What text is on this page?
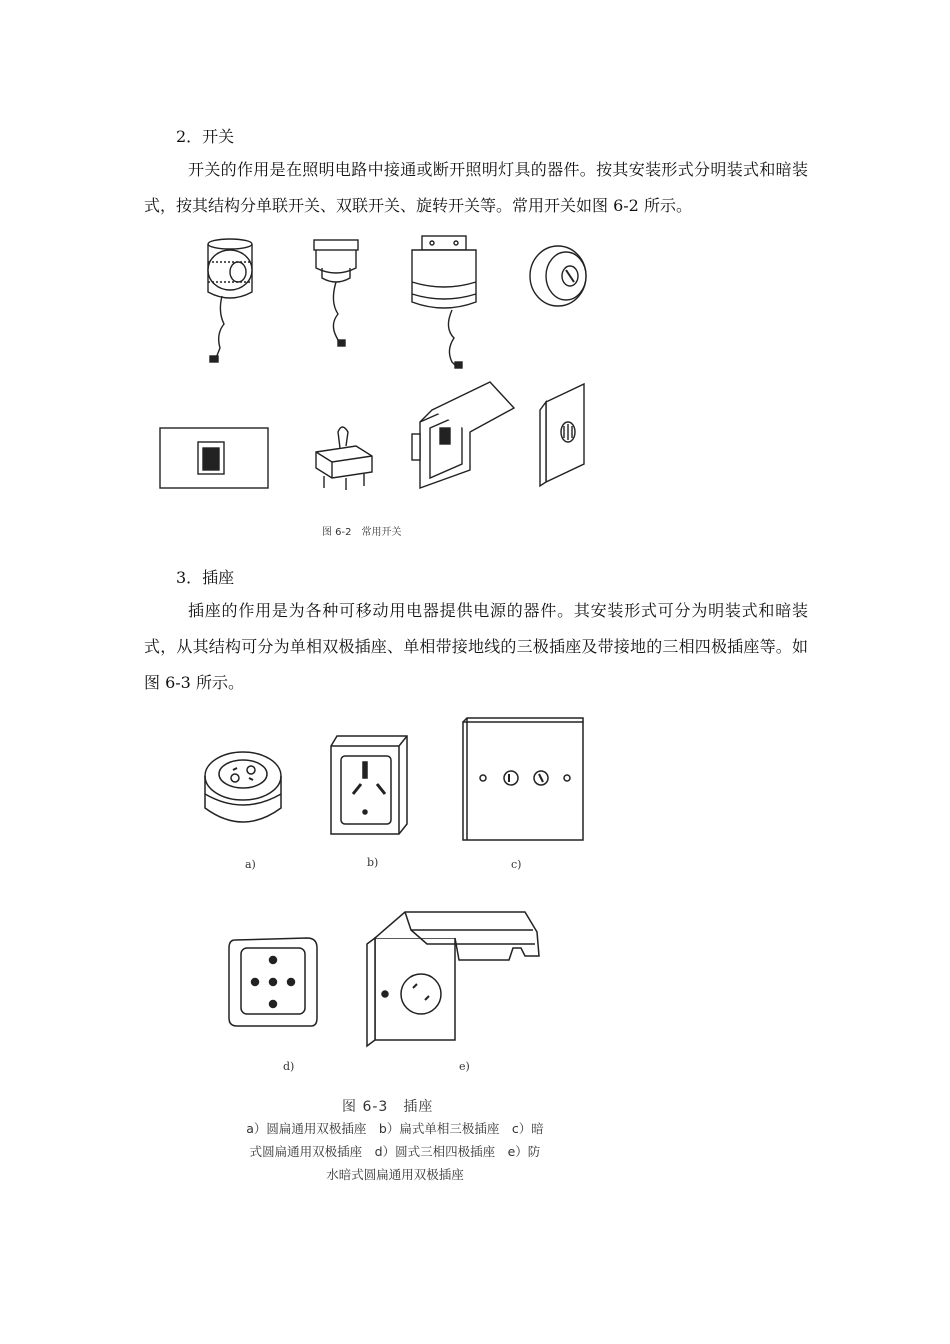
2．开关

开关的作用是在照明电路中接通或断开照明灯具的器件。按其安装形式分明装式和暗装式，按其结构分单联开关、双联开关、旋转开关等。常用开关如图 6-2 所示。

图 6-2　常用开关
3．插座

插座的作用是为各种可移动用电器提供电源的器件。其安装形式可分为明装式和暗装式，从其结构可分为单相双极插座、单相带接地线的三极插座及带接地的三相四极插座等。如图 6-3 所示。

a)	b)	c)
d)	e)
图 6-3　插座
a）圆扁通用双极插座　b）扁式单相三极插座　c）暗
式圆扁通用双极插座　d）圆式三相四极插座　e）防
水暗式圆扁通用双极插座
